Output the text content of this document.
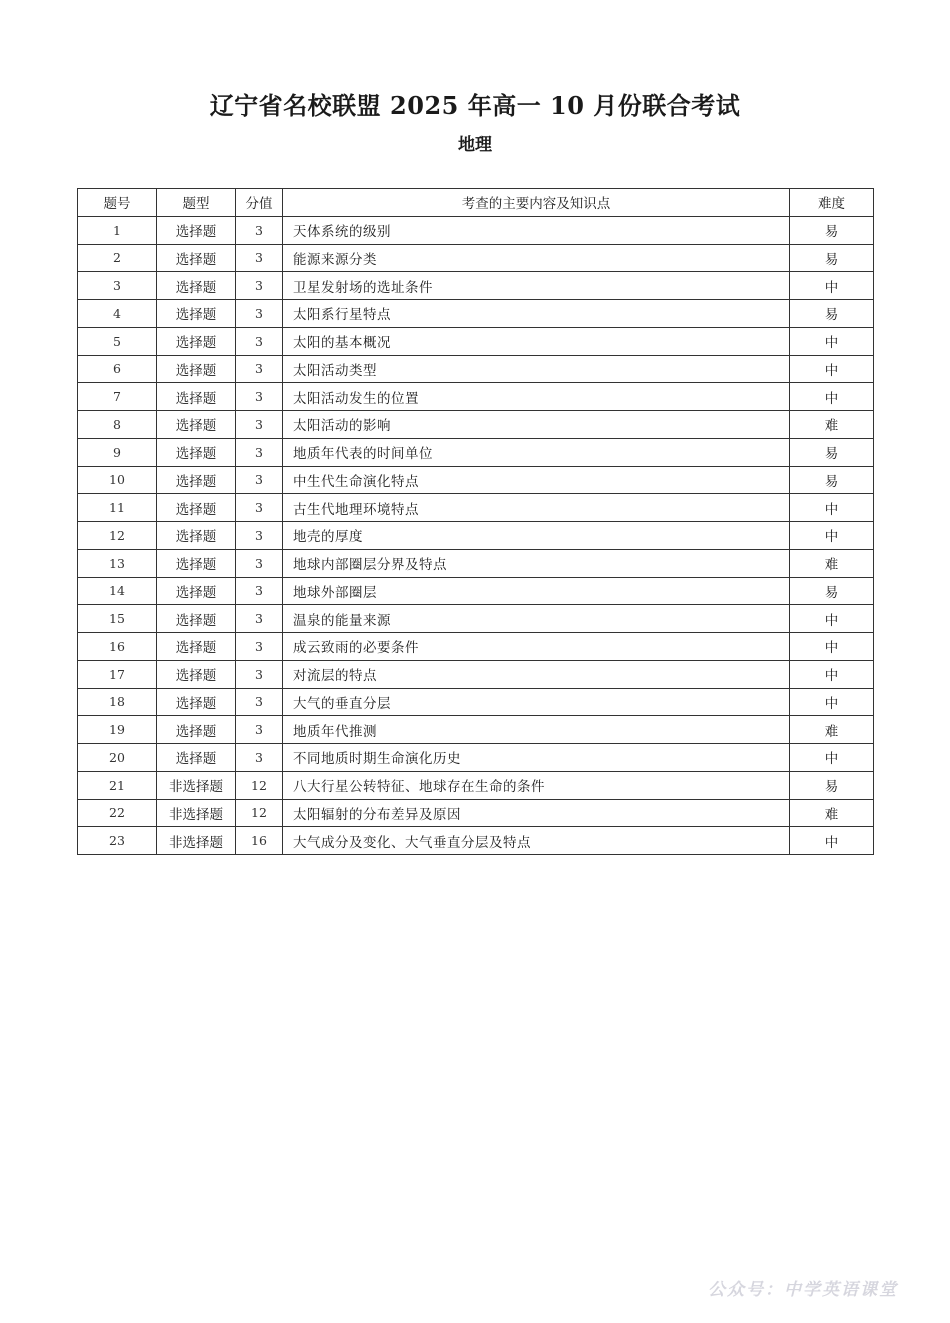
辽宁省名校联盟 2025 年高一 10 月份联合考试
地理
题号	题型	分值	考查的主要内容及知识点	难度
1	选择题	3	天体系统的级别	易
2	选择题	3	能源来源分类	易
3	选择题	3	卫星发射场的选址条件	中
4	选择题	3	太阳系行星特点	易
5	选择题	3	太阳的基本概况	中
6	选择题	3	太阳活动类型	中
7	选择题	3	太阳活动发生的位置	中
8	选择题	3	太阳活动的影响	难
9	选择题	3	地质年代表的时间单位	易
10	选择题	3	中生代生命演化特点	易
11	选择题	3	古生代地理环境特点	中
12	选择题	3	地壳的厚度	中
13	选择题	3	地球内部圈层分界及特点	难
14	选择题	3	地球外部圈层	易
15	选择题	3	温泉的能量来源	中
16	选择题	3	成云致雨的必要条件	中
17	选择题	3	对流层的特点	中
18	选择题	3	大气的垂直分层	中
19	选择题	3	地质年代推测	难
20	选择题	3	不同地质时期生命演化历史	中
21	非选择题	12	八大行星公转特征、地球存在生命的条件	易
22	非选择题	12	太阳辐射的分布差异及原因	难
23	非选择题	16	大气成分及变化、大气垂直分层及特点	中
公众号：中学英语课堂
